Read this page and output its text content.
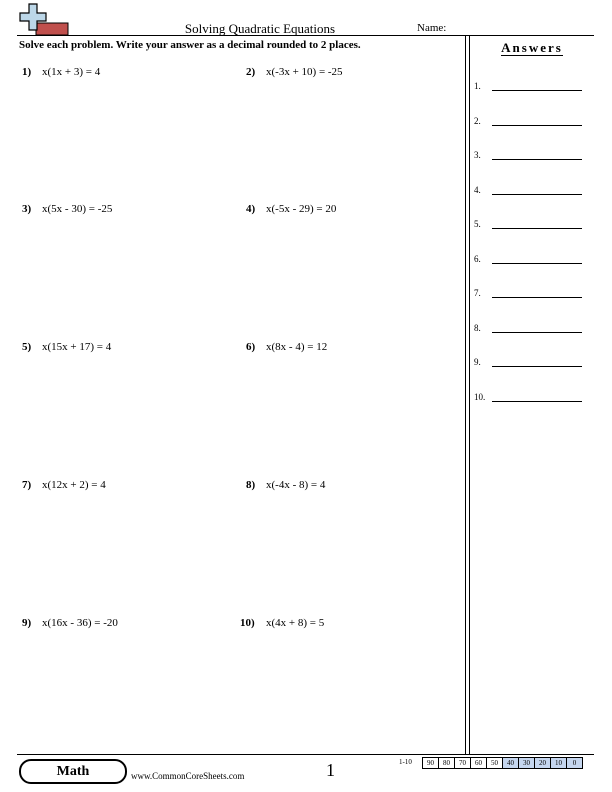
Solving Quadratic Equations	Name:
Solve each problem. Write your answer as a decimal rounded to 2 places.
1) x(1x + 3) = 4	2) x(-3x + 10) = -25
3) x(5x - 30) = -25	4) x(-5x - 29) = 20
5) x(15x + 17) = 4	6) x(8x - 4) = 12
7) x(12x + 2) = 4	8) x(-4x - 8) = 4
9) x(16x - 36) = -20	10) x(4x + 8) = 5
Answers
1.
2.
3.
4.
5.
6.
7.
8.
9.
10.
Math	www.CommonCoreSheets.com	1	1-10	90	80	70	60	50	40	30	20	10	0
